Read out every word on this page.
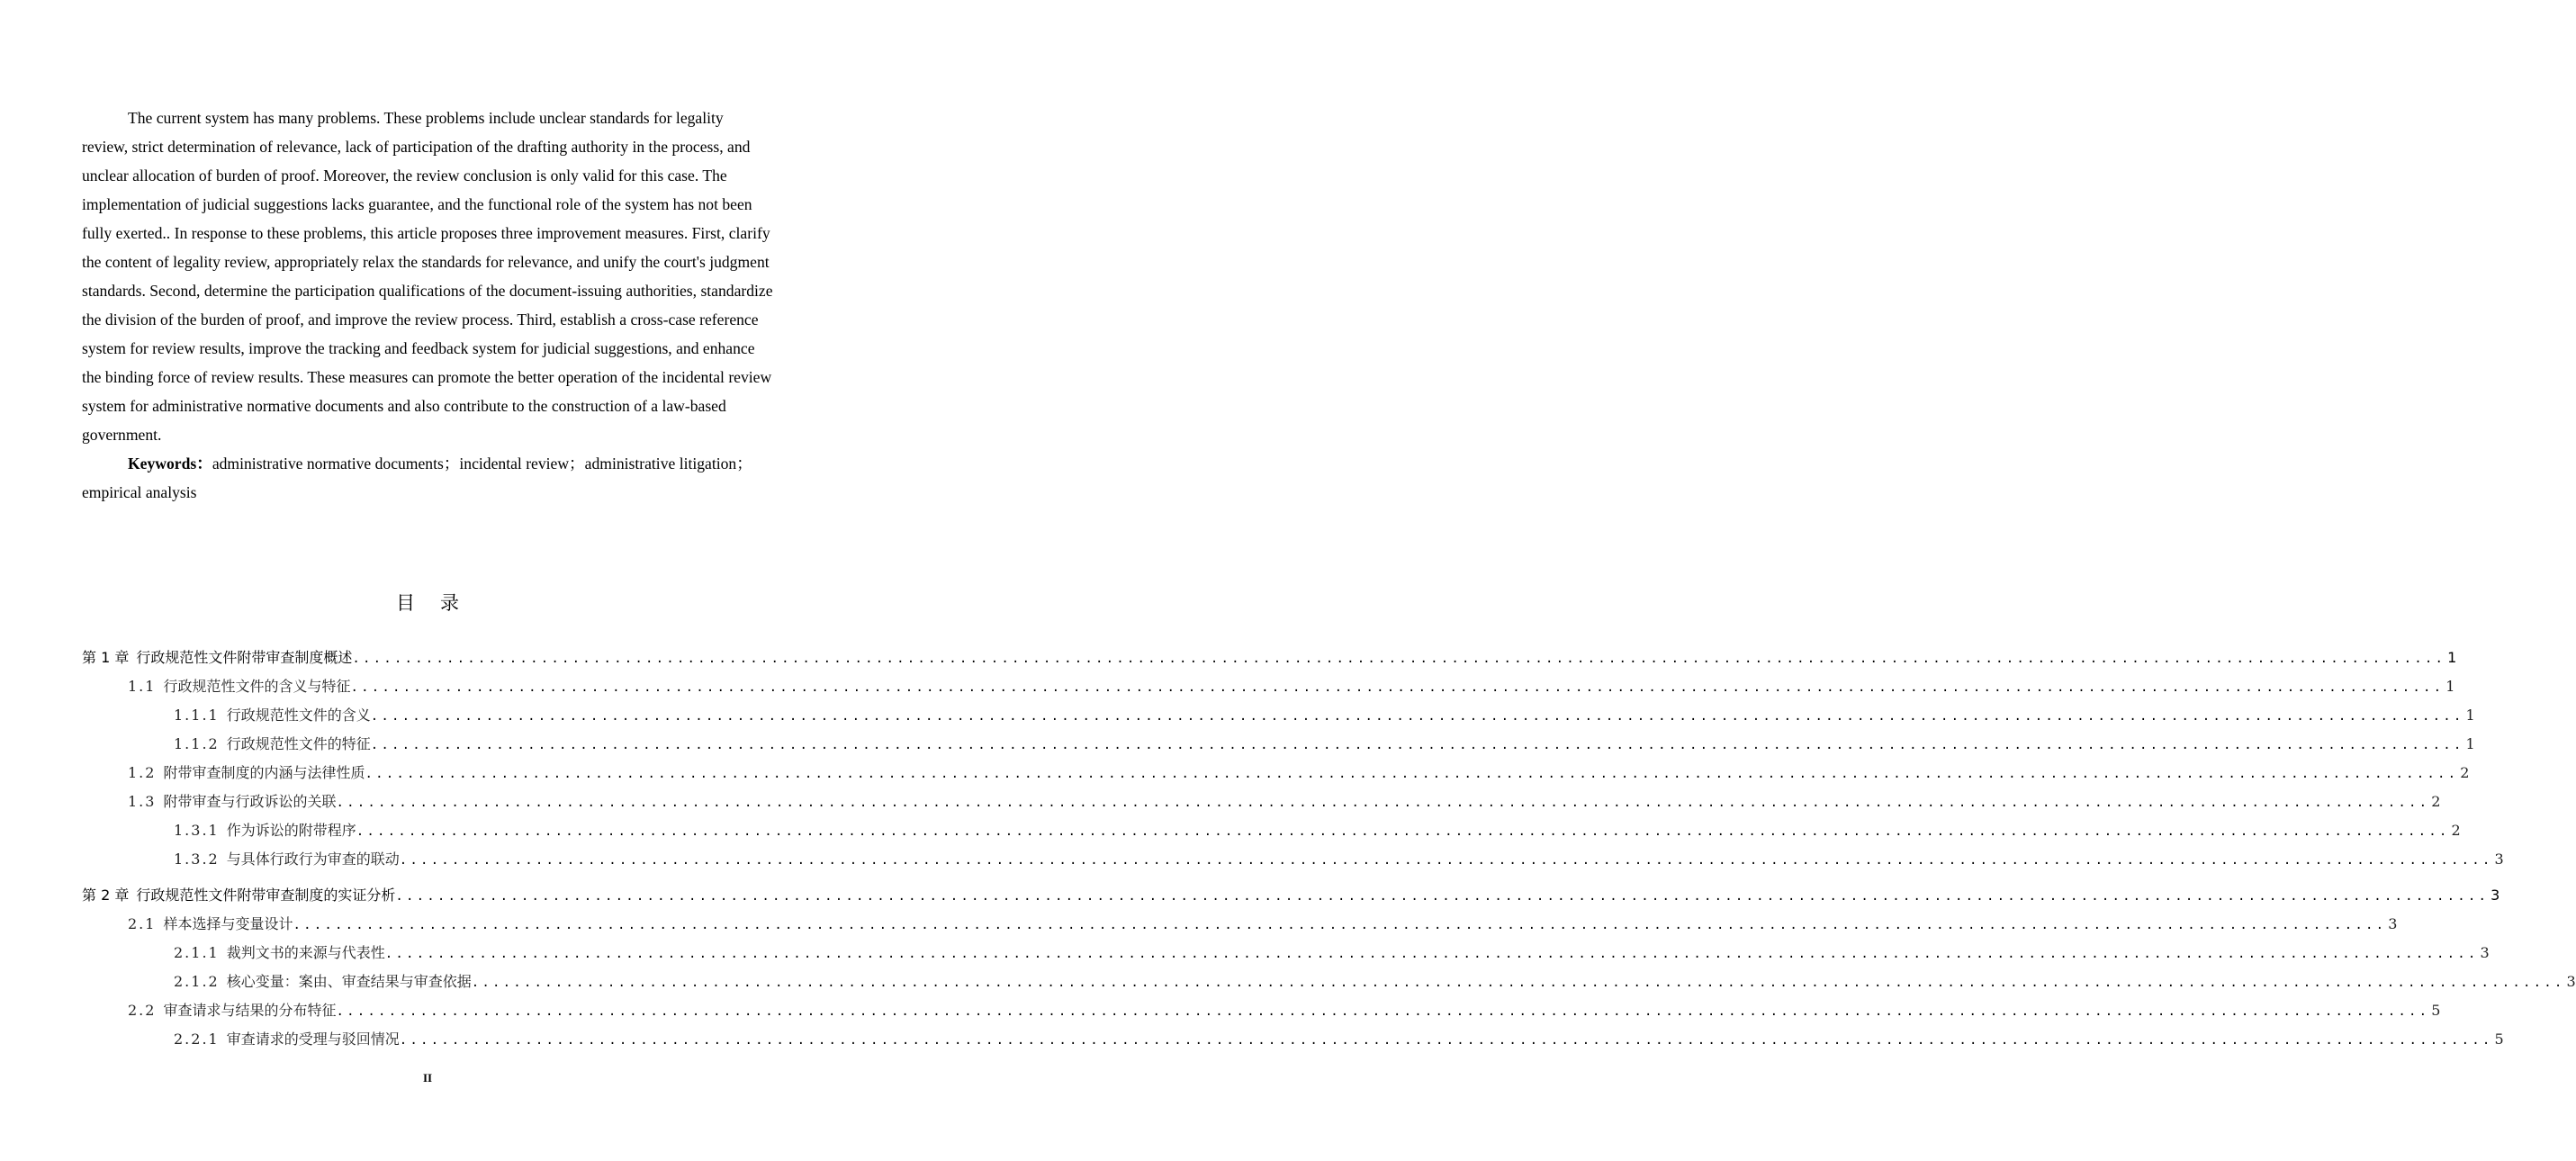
The current system has many problems. These problems include unclear standards for legality review, strict determination of relevance, lack of participation of the drafting authority in the process, and unclear allocation of burden of proof. Moreover, the review conclusion is only valid for this case. The implementation of judicial suggestions lacks guarantee, and the functional role of the system has not been fully exerted.. In response to these problems, this article proposes three improvement measures. First, clarify the content of legality review, appropriately relax the standards for relevance, and unify the court's judgment standards. Second, determine the participation qualifications of the document-issuing authorities, standardize the division of the burden of proof, and improve the review process. Third, establish a cross-case reference system for review results, improve the tracking and feedback system for judicial suggestions, and enhance the binding force of review results. These measures can promote the better operation of the incidental review system for administrative normative documents and also contribute to the construction of a law-based government.

Keywords：administrative normative documents；incidental review；administrative litigation；empirical analysis

目 录
第 1 章 行政规范性文件附带审查制度概述 ........................................................................................................................................................................................................ 1
1.1 行政规范性文件的含义与特征 ........................................................................................................................................................................................................ 1
1.1.1 行政规范性文件的含义 ........................................................................................................................................................................................................ 1
1.1.2 行政规范性文件的特征 ........................................................................................................................................................................................................ 1
1.2 附带审查制度的内涵与法律性质 ........................................................................................................................................................................................................ 2
1.3 附带审查与行政诉讼的关联 ........................................................................................................................................................................................................ 2
1.3.1 作为诉讼的附带程序 ........................................................................................................................................................................................................ 2
1.3.2 与具体行政行为审查的联动 ........................................................................................................................................................................................................ 3
第 2 章 行政规范性文件附带审查制度的实证分析 ........................................................................................................................................................................................................ 3
2.1 样本选择与变量设计 ........................................................................................................................................................................................................ 3
2.1.1 裁判文书的来源与代表性 ........................................................................................................................................................................................................ 3
2.1.2 核心变量：案由、审查结果与审查依据 ........................................................................................................................................................................................................ 3
2.2 审查请求与结果的分布特征 ........................................................................................................................................................................................................ 5
2.2.1 审查请求的受理与驳回情况 ........................................................................................................................................................................................................ 5
II
